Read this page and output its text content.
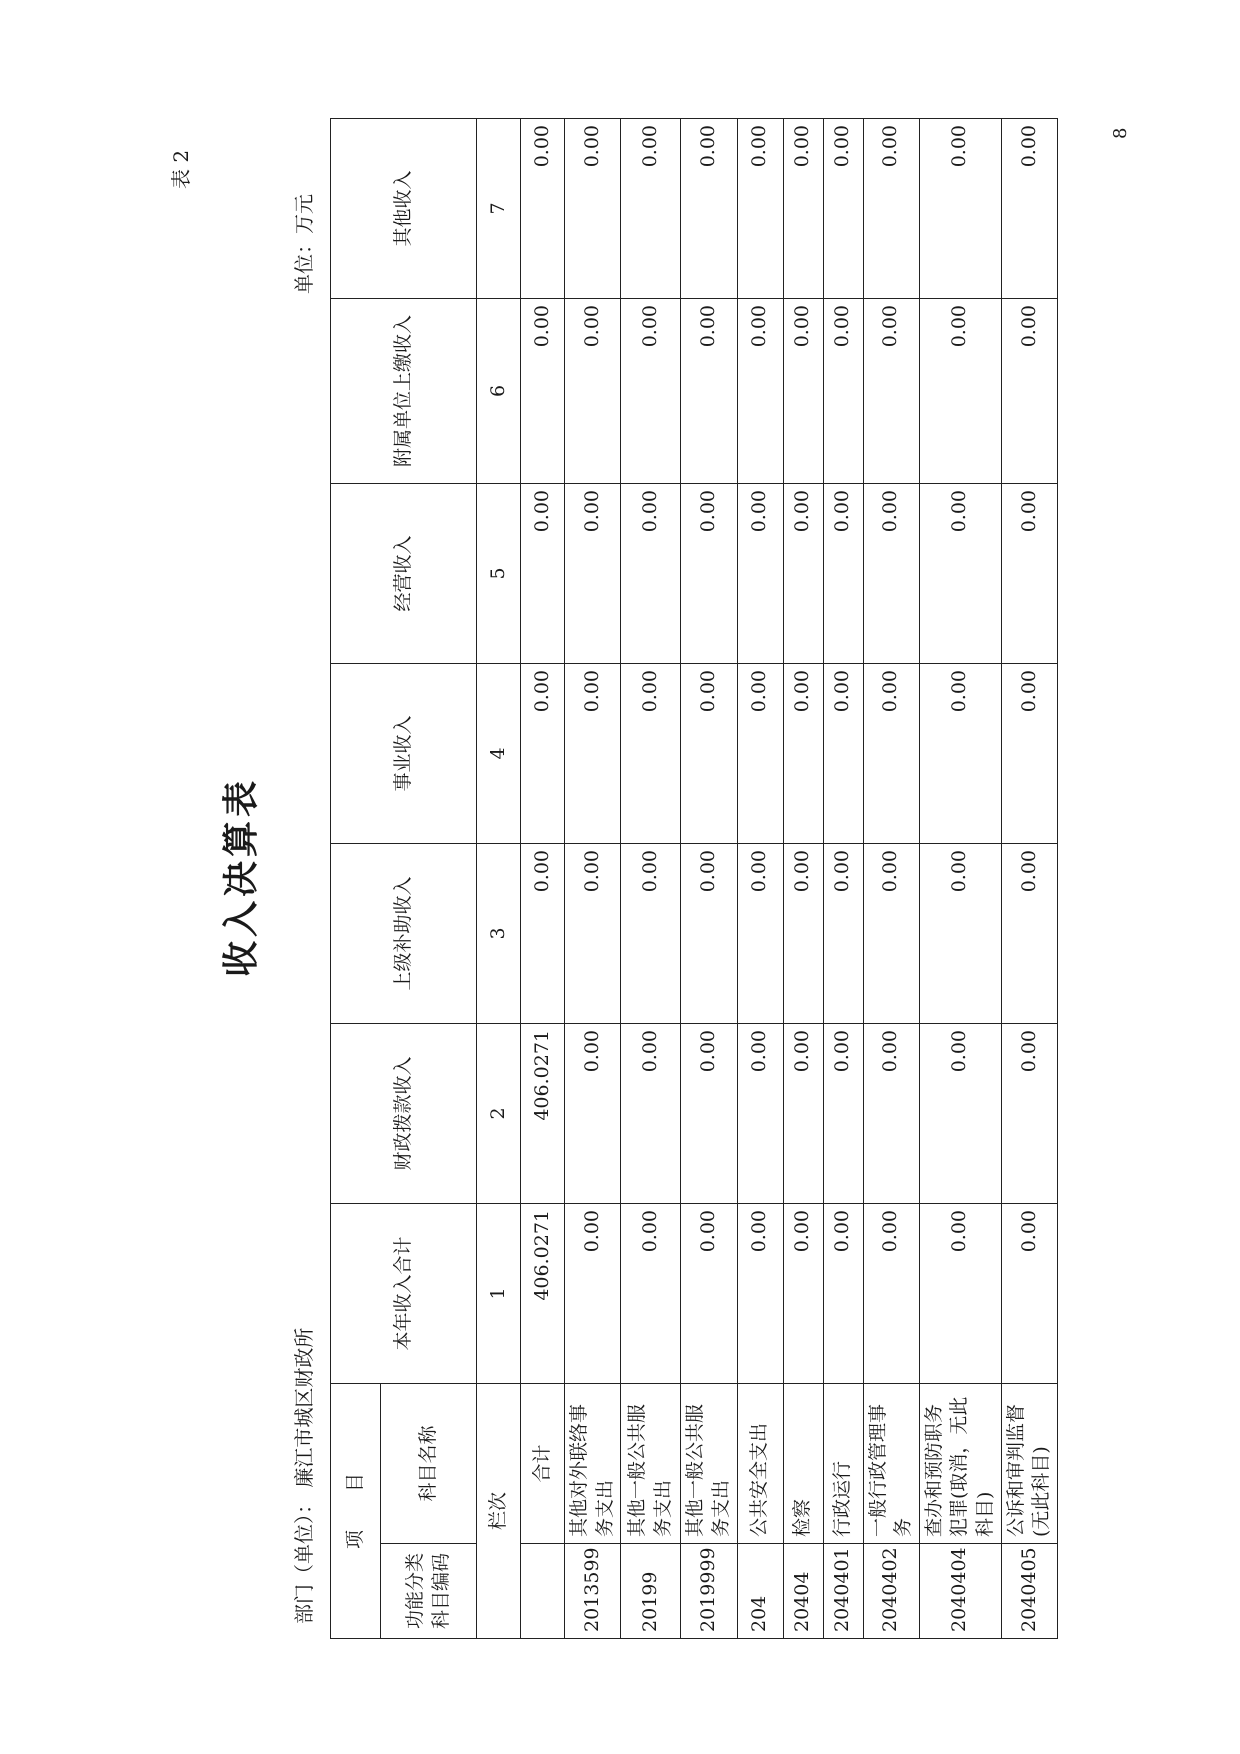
表 2
收入决算表
部门（单位）： 廉江市城区财政所
单位：万元
项　　目		本年收入合计	财政拨款收入	上级补助收入	事业收入	经营收入	附属单位上缴收入	其他收入
功能分类科目编码	科目名称							
栏次		1	2	3	4	5	6	7
	合计	406.0271	406.0271	0.00	0.00	0.00	0.00	0.00
2013599	其他对外联络事务支出	0.00	0.00	0.00	0.00	0.00	0.00	0.00
20199	其他一般公共服务支出	0.00	0.00	0.00	0.00	0.00	0.00	0.00
2019999	其他一般公共服务支出	0.00	0.00	0.00	0.00	0.00	0.00	0.00
204	公共安全支出	0.00	0.00	0.00	0.00	0.00	0.00	0.00
20404	检察	0.00	0.00	0.00	0.00	0.00	0.00	0.00
2040401	行政运行	0.00	0.00	0.00	0.00	0.00	0.00	0.00
2040402	一般行政管理事务	0.00	0.00	0.00	0.00	0.00	0.00	0.00
2040404	查办和预防职务犯罪(取消，无此科目)	0.00	0.00	0.00	0.00	0.00	0.00	0.00
2040405	公诉和审判监督(无此科目)	0.00	0.00	0.00	0.00	0.00	0.00	0.00	8
